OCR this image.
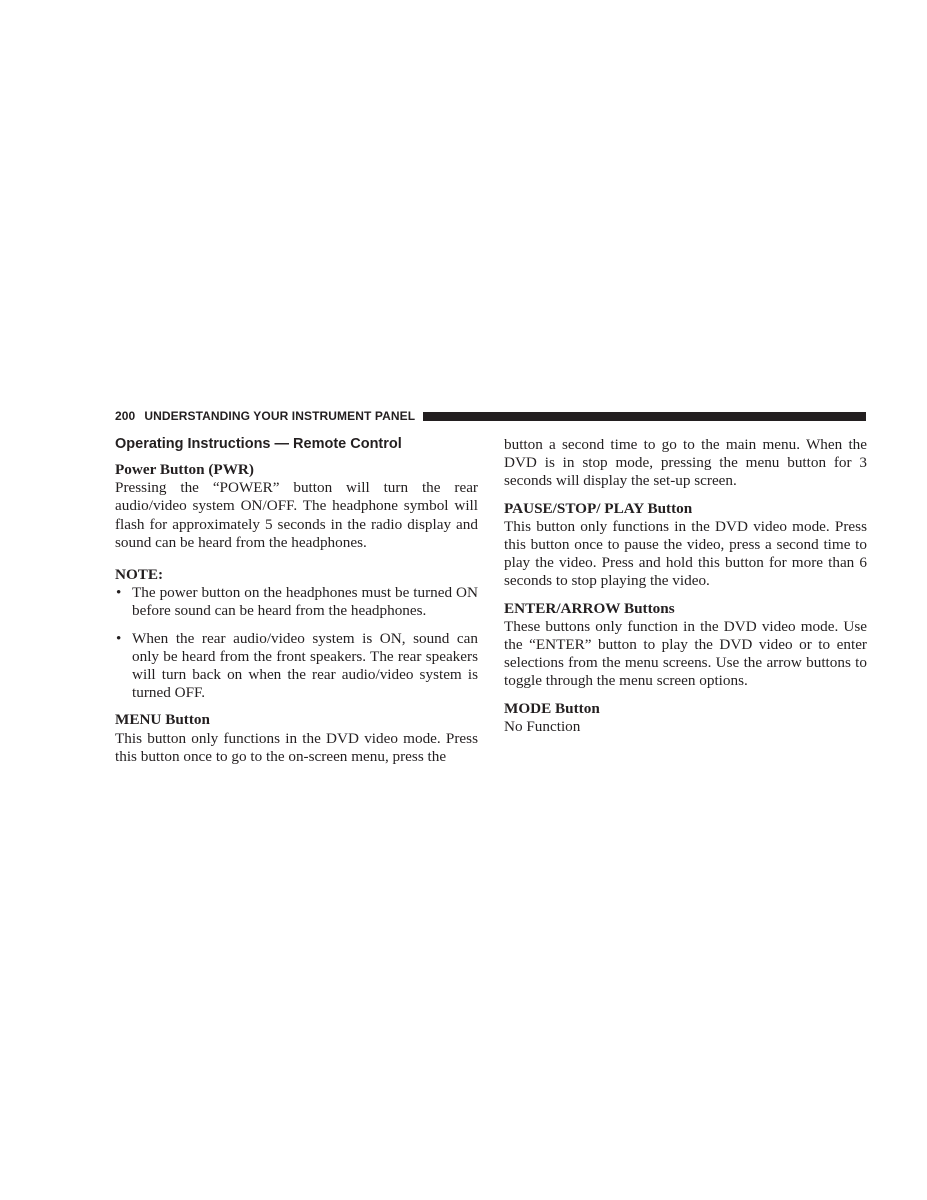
200 UNDERSTANDING YOUR INSTRUMENT PANEL
Operating Instructions — Remote Control
Power Button (PWR)

Pressing the “POWER” button will turn the rear audio/video system ON/OFF. The headphone symbol will flash for approximately 5 seconds in the radio display and sound can be heard from the headphones.

NOTE:
• The power button on the headphones must be turned ON before sound can be heard from the headphones.
• When the rear audio/video system is ON, sound can only be heard from the front speakers. The rear speakers will turn back on when the rear audio/video system is turned OFF.
MENU Button

This button only functions in the DVD video mode. Press this button once to go to the on-screen menu, press the

button a second time to go to the main menu. When the DVD is in stop mode, pressing the menu button for 3 seconds will display the set-up screen.

PAUSE/STOP/ PLAY Button

This button only functions in the DVD video mode. Press this button once to pause the video, press a second time to play the video. Press and hold this button for more than 6 seconds to stop playing the video.

ENTER/ARROW Buttons

These buttons only function in the DVD video mode. Use the “ENTER” button to play the DVD video or to enter selections from the menu screens. Use the arrow buttons to toggle through the menu screen options.

MODE Button

No Function
